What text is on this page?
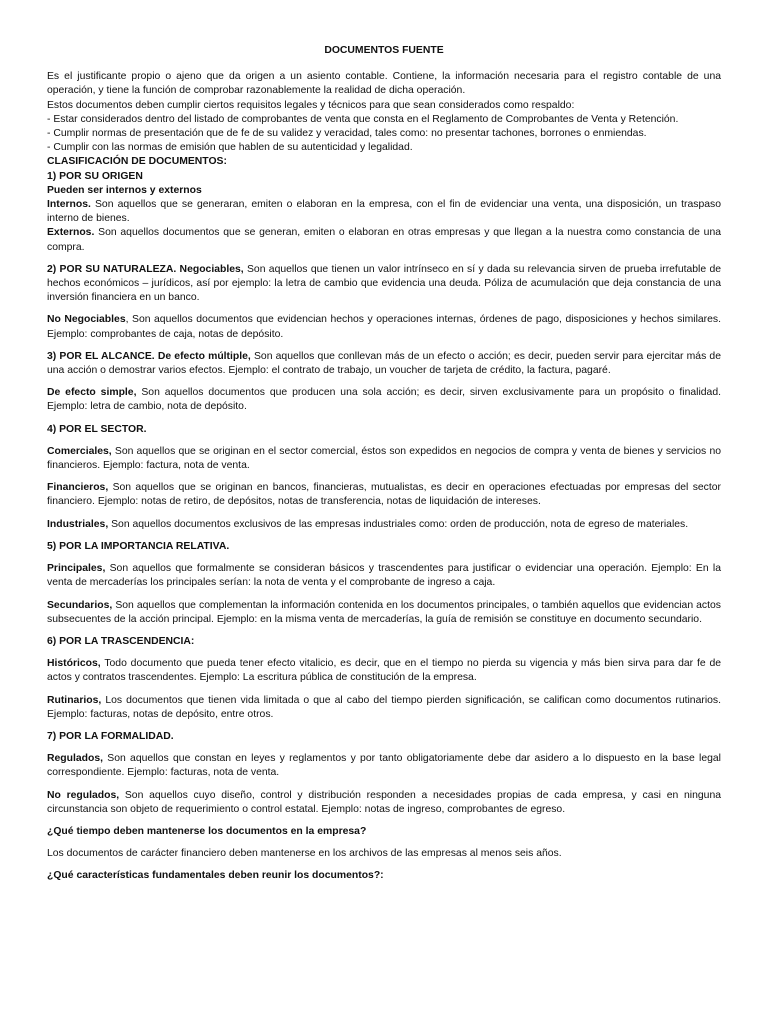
DOCUMENTOS FUENTE

Es el justificante propio o ajeno que da origen a un asiento contable. Contiene, la información necesaria para el registro contable de una operación, y tiene la función de comprobar razonablemente la realidad de dicha operación.

Estos documentos deben cumplir ciertos requisitos legales y técnicos para que sean considerados como respaldo:

- Estar considerados dentro del listado de comprobantes de venta que consta en el Reglamento de Comprobantes de Venta y Retención.

- Cumplir normas de presentación que de fe de su validez y veracidad, tales como: no presentar tachones, borrones o enmiendas.

- Cumplir con las normas de emisión que hablen de su autenticidad y legalidad.

CLASIFICACIÓN DE DOCUMENTOS:

1) POR SU ORIGEN

Pueden ser internos y externos

Internos. Son aquellos que se generaran, emiten o elaboran en la empresa, con el fin de evidenciar una venta, una disposición, un traspaso interno de bienes.

Externos. Son aquellos documentos que se generan, emiten o elaboran en otras empresas y que llegan a la nuestra como constancia de una compra.

2) POR SU NATURALEZA. Negociables, Son aquellos que tienen un valor intrínseco en sí y dada su relevancia sirven de prueba irrefutable de hechos económicos – jurídicos, así por ejemplo: la letra de cambio que evidencia una deuda. Póliza de acumulación que deja constancia de una inversión financiera en un banco.

No Negociables, Son aquellos documentos que evidencian hechos y operaciones internas, órdenes de pago, disposiciones y hechos similares. Ejemplo: comprobantes de caja, notas de depósito.

3) POR EL ALCANCE. De efecto múltiple, Son aquellos que conllevan más de un efecto o acción; es decir, pueden servir para ejercitar más de una acción o demostrar varios efectos. Ejemplo: el contrato de trabajo, un voucher de tarjeta de crédito, la factura, pagaré.

De efecto simple, Son aquellos documentos que producen una sola acción; es decir, sirven exclusivamente para un propósito o finalidad. Ejemplo: letra de cambio, nota de depósito.

4) POR EL SECTOR.

Comerciales, Son aquellos que se originan en el sector comercial, éstos son expedidos en negocios de compra y venta de bienes y servicios no financieros. Ejemplo: factura, nota de venta.

Financieros, Son aquellos que se originan en bancos, financieras, mutualistas, es decir en operaciones efectuadas por empresas del sector financiero. Ejemplo: notas de retiro, de depósitos, notas de transferencia, notas de liquidación de intereses.

Industriales, Son aquellos documentos exclusivos de las empresas industriales como: orden de producción, nota de egreso de materiales.

5) POR LA IMPORTANCIA RELATIVA.

Principales, Son aquellos que formalmente se consideran básicos y trascendentes para justificar o evidenciar una operación. Ejemplo: En la venta de mercaderías los principales serían: la nota de venta y el comprobante de ingreso a caja.

Secundarios, Son aquellos que complementan la información contenida en los documentos principales, o también aquellos que evidencian actos subsecuentes de la acción principal. Ejemplo: en la misma venta de mercaderías, la guía de remisión se constituye en documento secundario.

6) POR LA TRASCENDENCIA:

Históricos, Todo documento que pueda tener efecto vitalicio, es decir, que en el tiempo no pierda su vigencia y más bien sirva para dar fe de actos y contratos trascendentes. Ejemplo: La escritura pública de constitución de la empresa.

Rutinarios, Los documentos que tienen vida limitada o que al cabo del tiempo pierden significación, se califican como documentos rutinarios. Ejemplo: facturas, notas de depósito, entre otros.

7) POR LA FORMALIDAD.

Regulados, Son aquellos que constan en leyes y reglamentos y por tanto obligatoriamente debe dar asidero a lo dispuesto en la base legal correspondiente. Ejemplo: facturas, nota de venta.

No regulados, Son aquellos cuyo diseño, control y distribución responden a necesidades propias de cada empresa, y casi en ninguna circunstancia son objeto de requerimiento o control estatal. Ejemplo: notas de ingreso, comprobantes de egreso.

¿Qué tiempo deben mantenerse los documentos en la empresa?

Los documentos de carácter financiero deben mantenerse en los archivos de las empresas al menos seis años.

¿Qué características fundamentales deben reunir los documentos?:
